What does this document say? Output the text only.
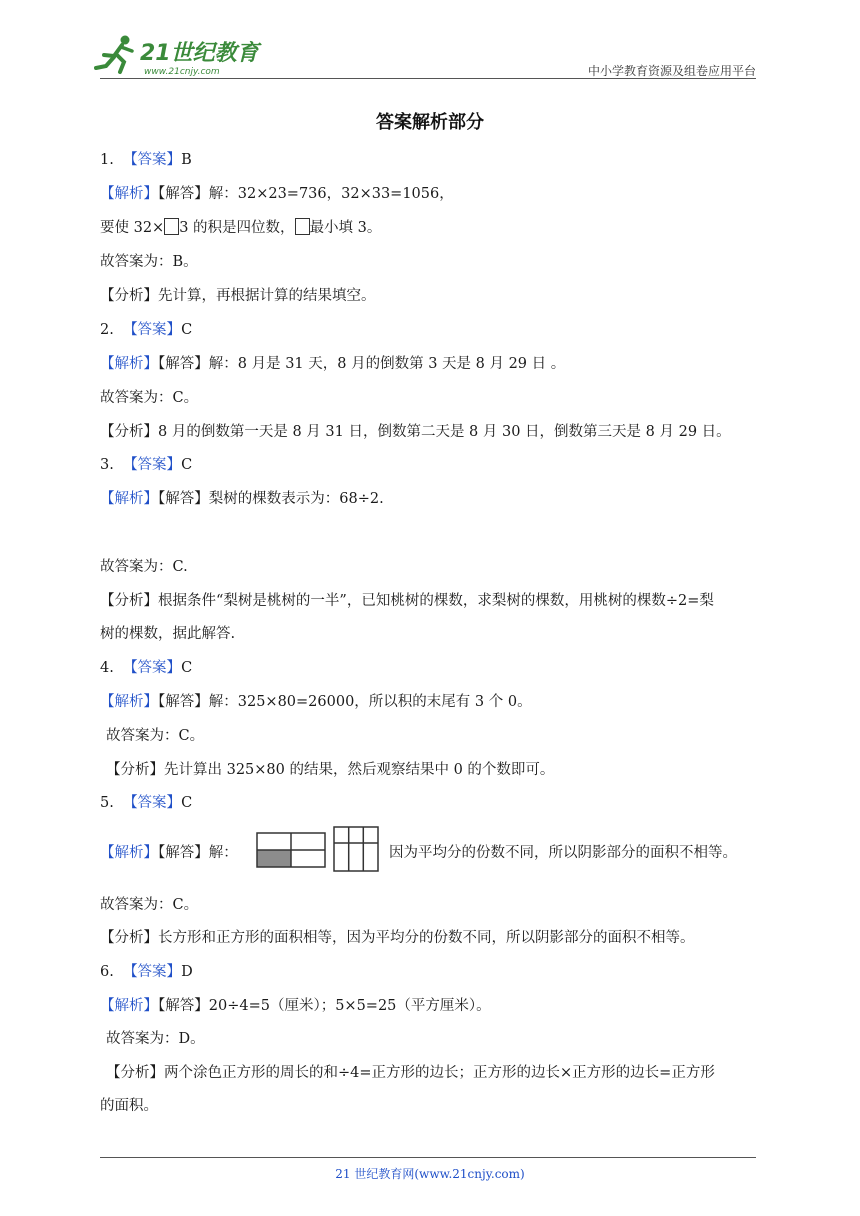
21世纪教育
www.21cnjy.com	中小学教育资源及组卷应用平台
答案解析部分
1. 【答案】B
【解析】【解答】解：32×23=736，32×33=1056，
要使 32× 3 的积是四位数， 最小填 3。
故答案为：B。
【分析】先计算，再根据计算的结果填空。
2. 【答案】C
【解析】【解答】解：8 月是 31 天，8 月的倒数第 3 天是 8 月 29 日 。
故答案为：C。
【分析】8 月的倒数第一天是 8 月 31 日，倒数第二天是 8 月 30 日，倒数第三天是 8 月 29 日。
3. 【答案】C
【解析】【解答】梨树的棵数表示为：68÷2.
故答案为：C.
【分析】根据条件“梨树是桃树的一半”，已知桃树的棵数，求梨树的棵数，用桃树的棵数÷2=梨
树的棵数，据此解答.
4. 【答案】C
【解析】【解答】解：325×80=26000，所以积的末尾有 3 个 0。
故答案为：C。
【分析】先计算出 325×80 的结果，然后观察结果中 0 的个数即可。
5. 【答案】C
【解析】【解答】解：	因为平均分的份数不同，所以阴影部分的面积不相等。
故答案为：C。
【分析】长方形和正方形的面积相等，因为平均分的份数不同，所以阴影部分的面积不相等。
6. 【答案】D
【解析】【解答】20÷4=5（厘米）；5×5=25（平方厘米）。
故答案为：D。
【分析】两个涂色正方形的周长的和÷4=正方形的边长；正方形的边长×正方形的边长=正方形
的面积。
21 世纪教育网(www.21cnjy.com)
